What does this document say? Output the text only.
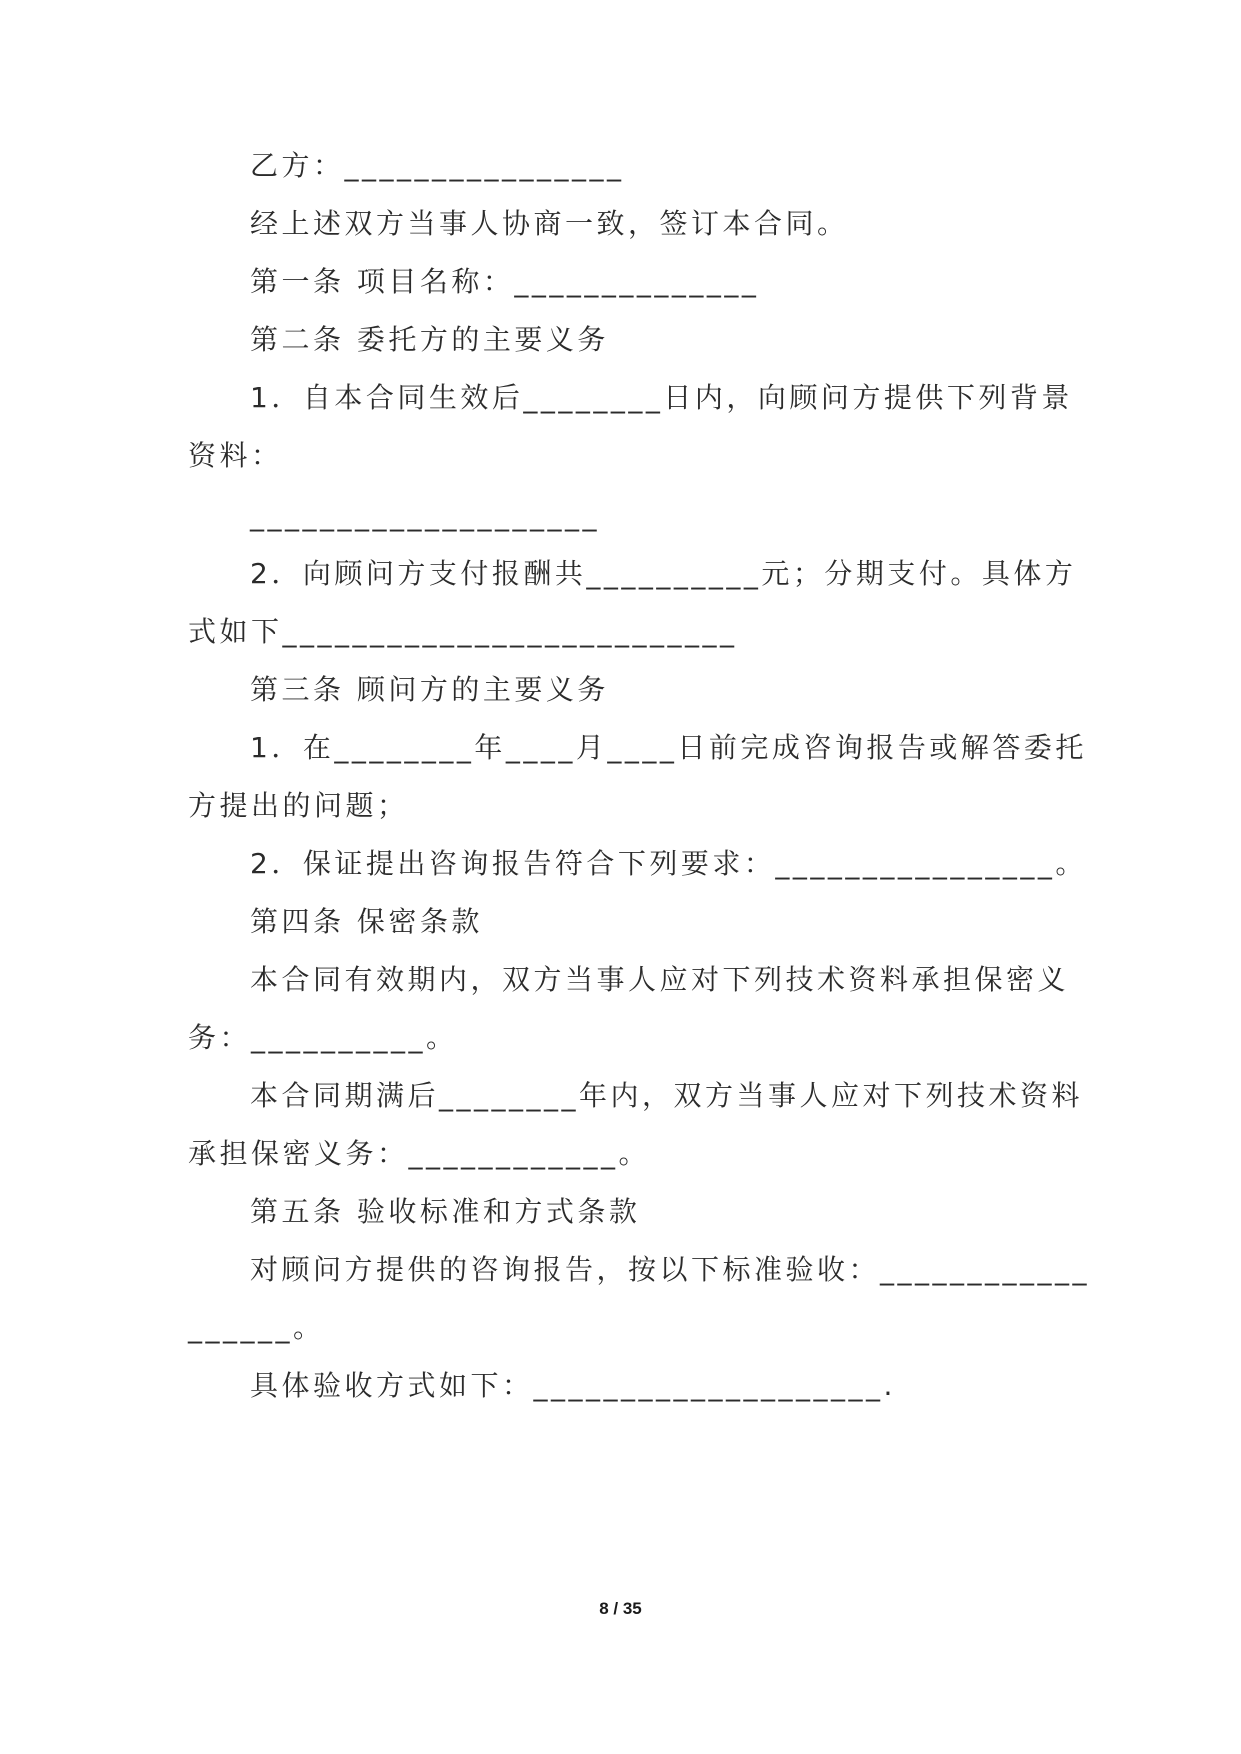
乙方：________________
经上述双方当事人协商一致，签订本合同。
第一条 项目名称：______________
第二条 委托方的主要义务
1．自本合同生效后________日内，向顾问方提供下列背景
资料：
____________________
2．向顾问方支付报酬共__________元；分期支付。具体方
式如下__________________________
第三条 顾问方的主要义务
1．在________年____月____日前完成咨询报告或解答委托
方提出的问题；
2．保证提出咨询报告符合下列要求：________________。
第四条 保密条款
本合同有效期内，双方当事人应对下列技术资料承担保密义
务：__________。
本合同期满后________年内，双方当事人应对下列技术资料
承担保密义务：____________。
第五条 验收标准和方式条款
对顾问方提供的咨询报告，按以下标准验收：____________
______。
具体验收方式如下：____________________.
8 / 35
